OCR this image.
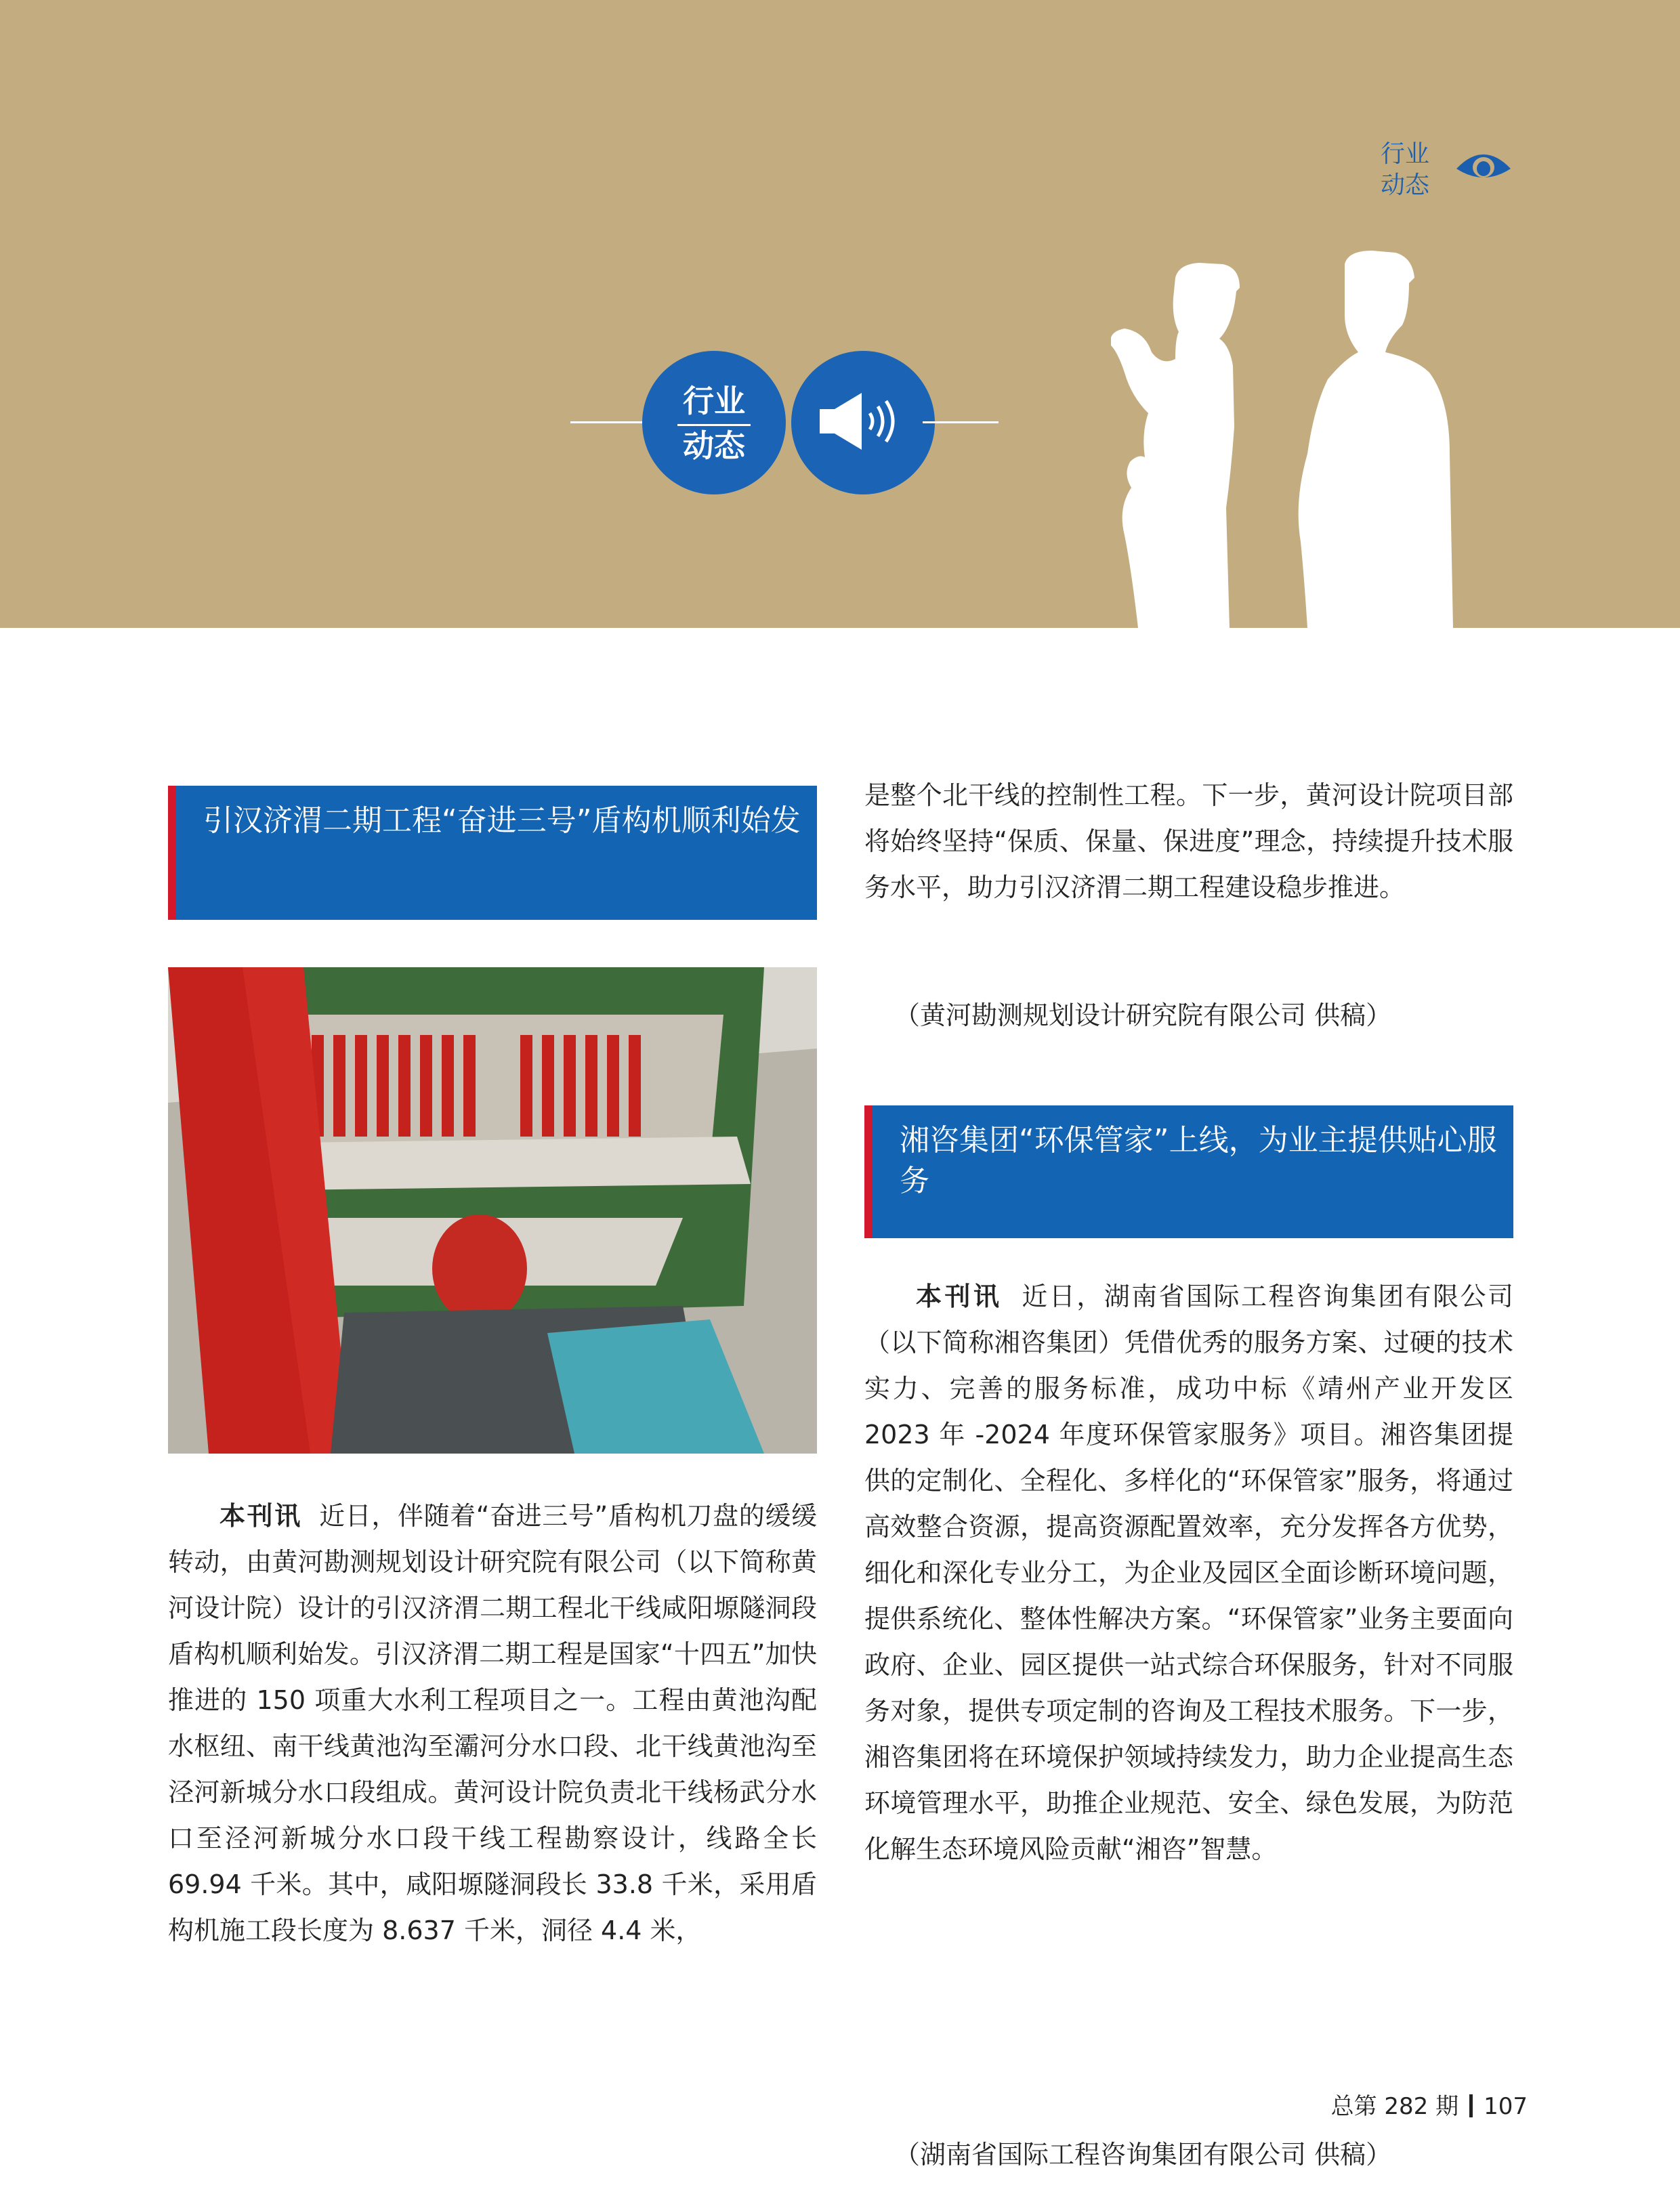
行业
动态
行业
动态
引汉济渭二期工程“奋进三号”盾构机顺利始发

本刊讯 近日，伴随着“奋进三号”盾构机刀盘的缓缓转动，由黄河勘测规划设计研究院有限公司（以下简称黄河设计院）设计的引汉济渭二期工程北干线咸阳塬隧洞段盾构机顺利始发。引汉济渭二期工程是国家“十四五”加快推进的 150 项重大水利工程项目之一。工程由黄池沟配水枢纽、南干线黄池沟至灞河分水口段、北干线黄池沟至泾河新城分水口段组成。黄河设计院负责北干线杨武分水口至泾河新城分水口段干线工程勘察设计，线路全长 69.94 千米。其中，咸阳塬隧洞段长 33.8 千米，采用盾构机施工段长度为 8.637 千米，洞径 4.4 米，

是整个北干线的控制性工程。下一步，黄河设计院项目部将始终坚持“保质、保量、保进度”理念，持续提升技术服务水平，助力引汉济渭二期工程建设稳步推进。

（黄河勘测规划设计研究院有限公司 供稿）
湘咨集团“环保管家”上线，为业主提供贴心服务

本刊讯 近日，湖南省国际工程咨询集团有限公司（以下简称湘咨集团）凭借优秀的服务方案、过硬的技术实力、完善的服务标准，成功中标《靖州产业开发区 2023 年 -2024 年度环保管家服务》项目。湘咨集团提供的定制化、全程化、多样化的“环保管家”服务，将通过高效整合资源，提高资源配置效率，充分发挥各方优势，细化和深化专业分工，为企业及园区全面诊断环境问题，提供系统化、整体性解决方案。“环保管家”业务主要面向政府、企业、园区提供一站式综合环保服务，针对不同服务对象，提供专项定制的咨询及工程技术服务。下一步，湘咨集团将在环境保护领域持续发力，助力企业提高生态环境管理水平，助推企业规范、安全、绿色发展，为防范化解生态环境风险贡献“湘咨”智慧。

（湖南省国际工程咨询集团有限公司 供稿）
总第 282 期 107
